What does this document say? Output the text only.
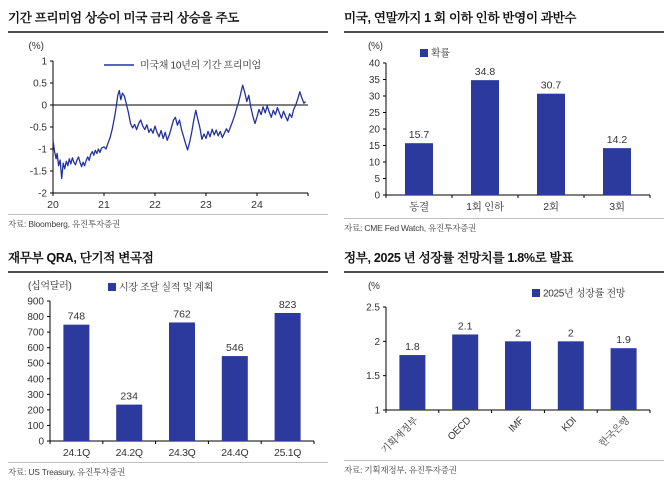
기간 프리미엄 상승이 미국 금리 상승을 주도
(%)
미국채 10년의 기간 프리미엄
1
0.5
0
-0.5
-1
-1.5
-2
20	21	22	23	24
자료: Bloomberg, 유진투자증권
미국, 연말까지 1 회 이하 인하 반영이 과반수
(%)
확률
0
5
10
15
20
25
30
35
40
15.7
동결
34.8
1회 인하
30.7
2회
14.2
3회
자료: CME Fed Watch, 유진투자증권
재무부 QRA, 단기적 변곡점
(십억달러)	시장 조달 실적 및 계획
0
100
200
300
400
500
600
700
800
900
748
24.1Q
234
24.2Q
762
24.3Q
546
24.4Q
823
25.1Q
자료: US Treasury, 유진투자증권
정부, 2025 년 성장률 전망치를 1.8%로 발표
(%
2025년 성장률 전망
1
1.5
2
2.5
1.8
기획재정부
2.1
OECD
2
IMF
2
KDI
1.9
한국은행
자료: 기획재정부, 유진투자증권
